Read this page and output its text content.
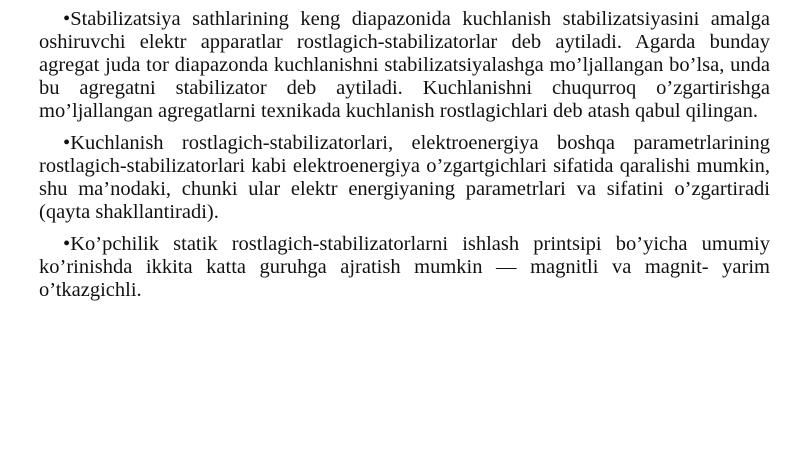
•Stabilizatsiya sathlarining keng diapazonida kuchlanish stabilizatsiyasini amalga oshiruvchi elektr apparatlar rostlagich-stabilizatorlar deb aytiladi. Agarda bunday agregat juda tor diapazonda kuchlanishni stabilizatsiyalashga mo’ljallangan bo’lsa, unda bu agregatni stabilizator deb aytiladi. Kuchlanishni chuqurroq o’zgartirishga mo’ljallangan agregatlarni texnikada kuchlanish rostlagichlari deb atash qabul qilingan.

•Kuchlanish rostlagich-stabilizatorlari, elektroenergiya boshqa parametrlarining rostlagich-stabilizatorlari kabi elektroenergiya o’zgartgichlari sifatida qaralishi mumkin, shu ma’nodaki, chunki ular elektr energiyaning parametrlari va sifatini o’zgartiradi (qayta shakllantiradi).

•Ko’pchilik statik rostlagich-stabilizatorlarni ishlash printsipi bo’yicha umumiy ko’rinishda ikkita katta guruhga ajratish mumkin — magnitli va magnit- yarim o’tkazgichli.
